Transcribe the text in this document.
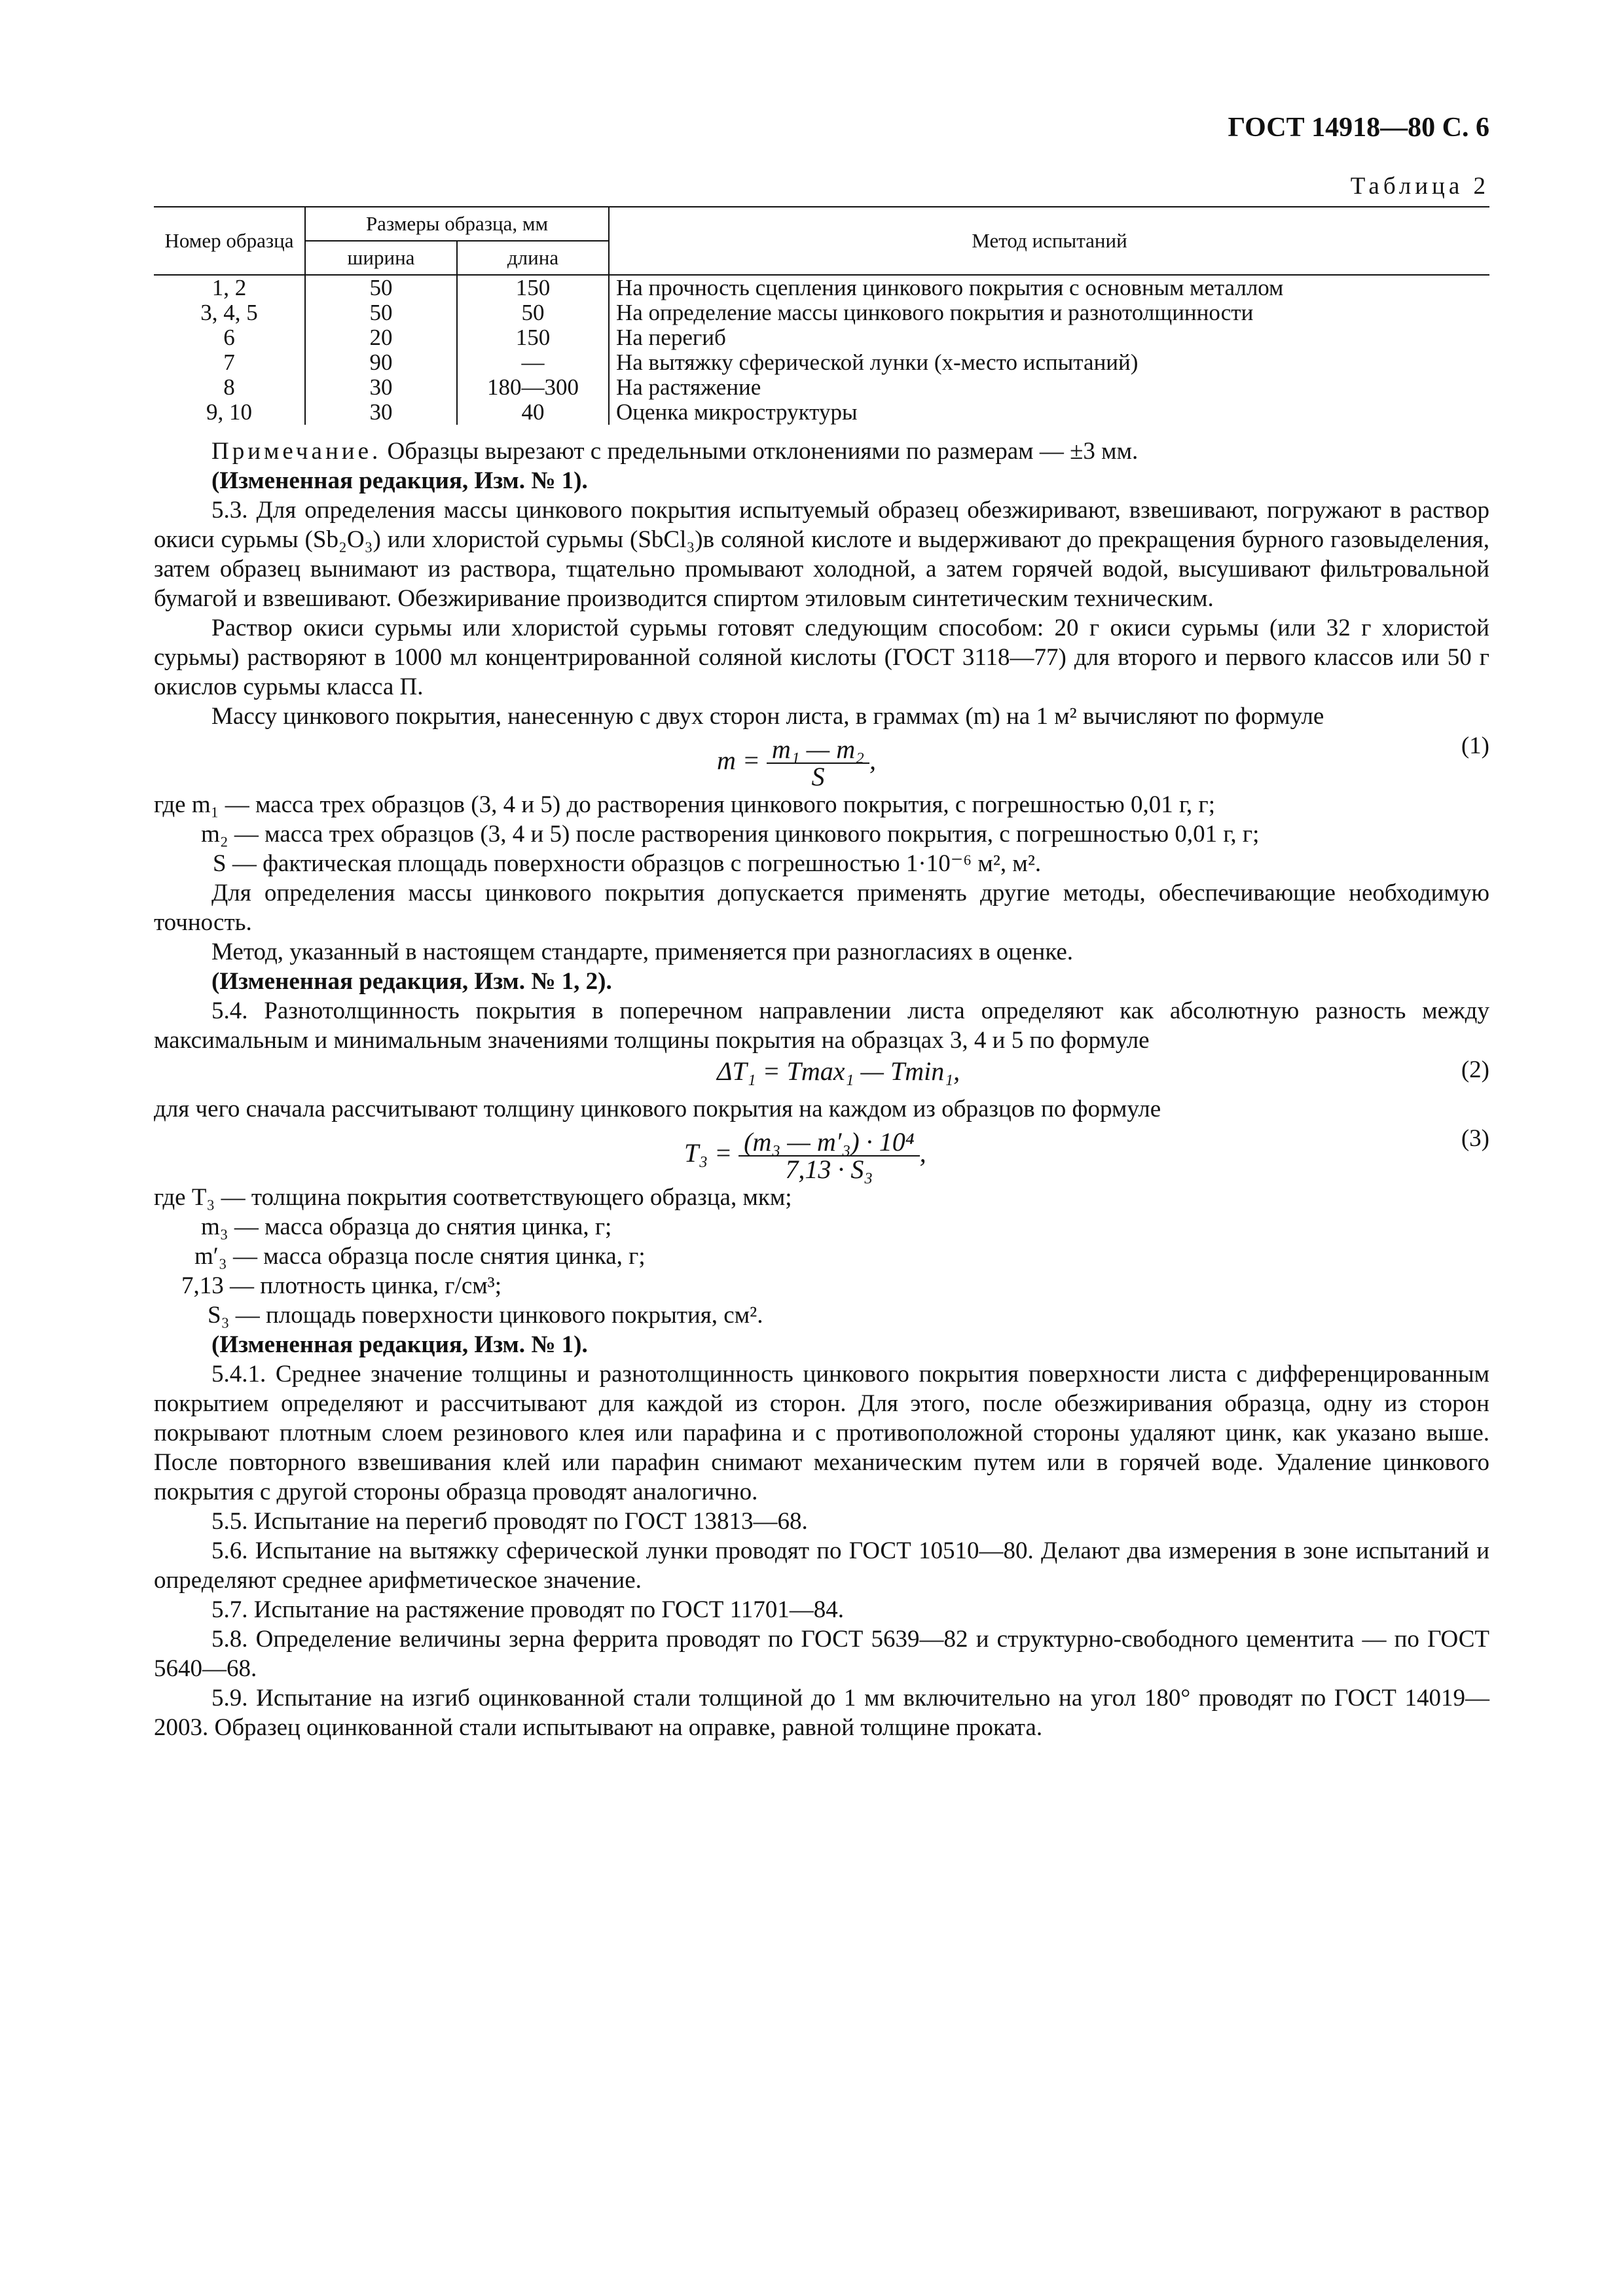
ГОСТ 14918—80 С. 6
Таблица 2
Номер образца	Размеры образца, мм		Метод испытаний
	ширина	длина	
1, 2	50	150	На прочность сцепления цинкового покрытия с основным металлом
3, 4, 5	50	50	На определение массы цинкового покрытия и разнотолщинности
6	20	150	На перегиб
7	90	—	На вытяжку сферической лунки (x-место испытаний)
8	30	180—300	На растяжение
9, 10	30	40	Оценка микроструктуры

Примечание. Образцы вырезают с предельными отклонениями по размерам — ±3 мм.

(Измененная редакция, Изм. № 1).

5.3. Для определения массы цинкового покрытия испытуемый образец обезжиривают, взвешивают, погружают в раствор окиси сурьмы (Sb₂O₃) или хлористой сурьмы (SbCl₃)в соляной кислоте и выдерживают до прекращения бурного газовыделения, затем образец вынимают из раствора, тщательно промывают холодной, а затем горячей водой, высушивают фильтровальной бумагой и взвешивают. Обезжиривание производится спиртом этиловым синтетическим техническим.

Раствор окиси сурьмы или хлористой сурьмы готовят следующим способом: 20 г окиси сурьмы (или 32 г хлористой сурьмы) растворяют в 1000 мл концентрированной соляной кислоты (ГОСТ 3118—77) для второго и первого классов или 50 г окислов сурьмы класса П.

Массу цинкового покрытия, нанесенную с двух сторон листа, в граммах (m) на 1 м² вычисляют по формуле

$m = \frac{\text{m₁ — m₂}}{S}$ ,	(1)
где m₁ — масса трех образцов (3, 4 и 5) до растворения цинкового покрытия, с погрешностью 0,01 г, г;
m₂ — масса трех образцов (3, 4 и 5) после растворения цинкового покрытия, с погрешностью 0,01 г, г;
S — фактическая площадь поверхности образцов с погрешностью 1·10⁻⁶ м², м².

Для определения массы цинкового покрытия допускается применять другие методы, обеспечивающие необходимую точность.

Метод, указанный в настоящем стандарте, применяется при разногласиях в оценке.

(Измененная редакция, Изм. № 1, 2).

5.4. Разнотолщинность покрытия в поперечном направлении листа определяют как абсолютную разность между максимальным и минимальным значениями толщины покрытия на образцах 3, 4 и 5 по формуле

ΔT₁ = Tmax₁ — Tmin₁,	(2)

для чего сначала рассчитывают толщину цинкового покрытия на каждом из образцов по формуле

$T_3 = \frac{\text{(m₃ — m′₃) · 10⁴}}{\text{7,13 · S₃}}$ ,	(3)
где T₃ — толщина покрытия соответствующего образца, мкм;
m₃ — масса образца до снятия цинка, г;
m′₃ — масса образца после снятия цинка, г;
7,13 — плотность цинка, г/см³;
S₃ — площадь поверхности цинкового покрытия, см².

(Измененная редакция, Изм. № 1).

5.4.1. Среднее значение толщины и разнотолщинность цинкового покрытия поверхности листа с дифференцированным покрытием определяют и рассчитывают для каждой из сторон. Для этого, после обезжиривания образца, одну из сторон покрывают плотным слоем резинового клея или парафина и с противоположной стороны удаляют цинк, как указано выше. После повторного взвешивания клей или парафин снимают механическим путем или в горячей воде. Удаление цинкового покрытия с другой стороны образца проводят аналогично.

5.5. Испытание на перегиб проводят по ГОСТ 13813—68.

5.6. Испытание на вытяжку сферической лунки проводят по ГОСТ 10510—80. Делают два измерения в зоне испытаний и определяют среднее арифметическое значение.

5.7. Испытание на растяжение проводят по ГОСТ 11701—84.

5.8. Определение величины зерна феррита проводят по ГОСТ 5639—82 и структурно-свободного цементита — по ГОСТ 5640—68.

5.9. Испытание на изгиб оцинкованной стали толщиной до 1 мм включительно на угол 180° проводят по ГОСТ 14019—2003. Образец оцинкованной стали испытывают на оправке, равной толщине проката.
